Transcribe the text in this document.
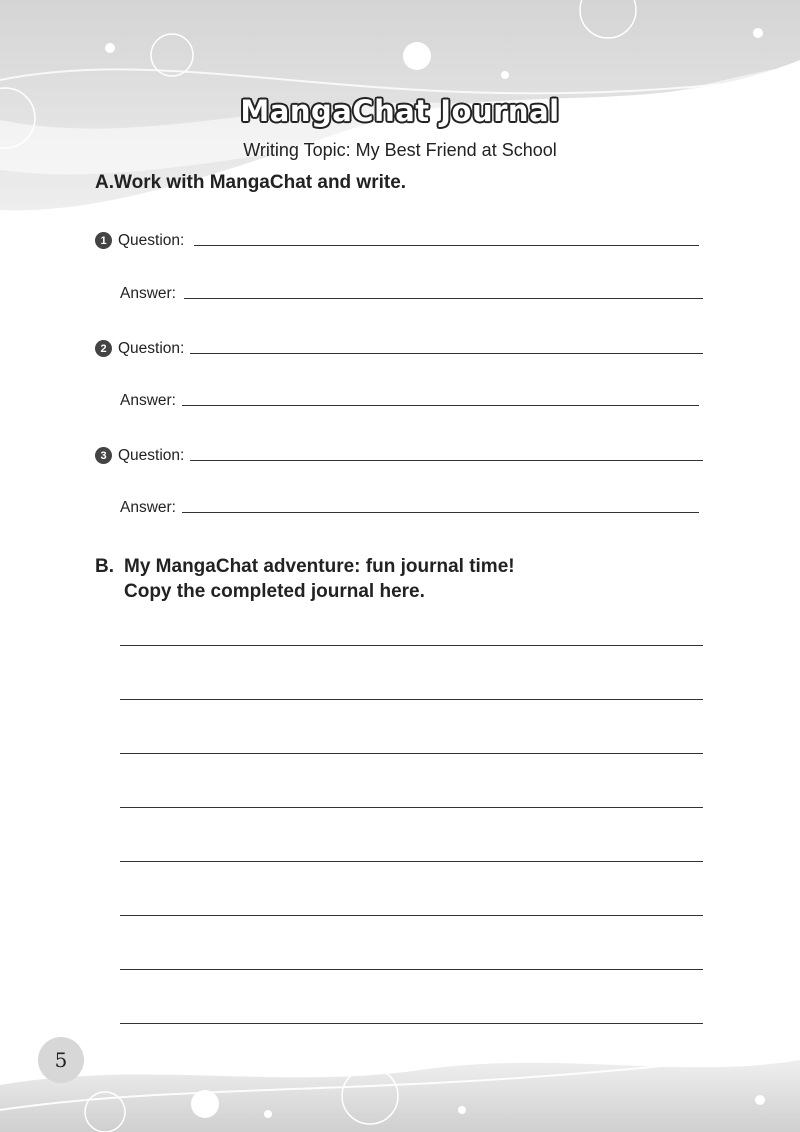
MangaChat Journal
Writing Topic: My Best Friend at School
A.Work with MangaChat and write.
1 Question:
Answer:
2 Question:
Answer:
3 Question:
Answer:
B. My MangaChat adventure: fun journal time!
Copy the completed journal here.
5
